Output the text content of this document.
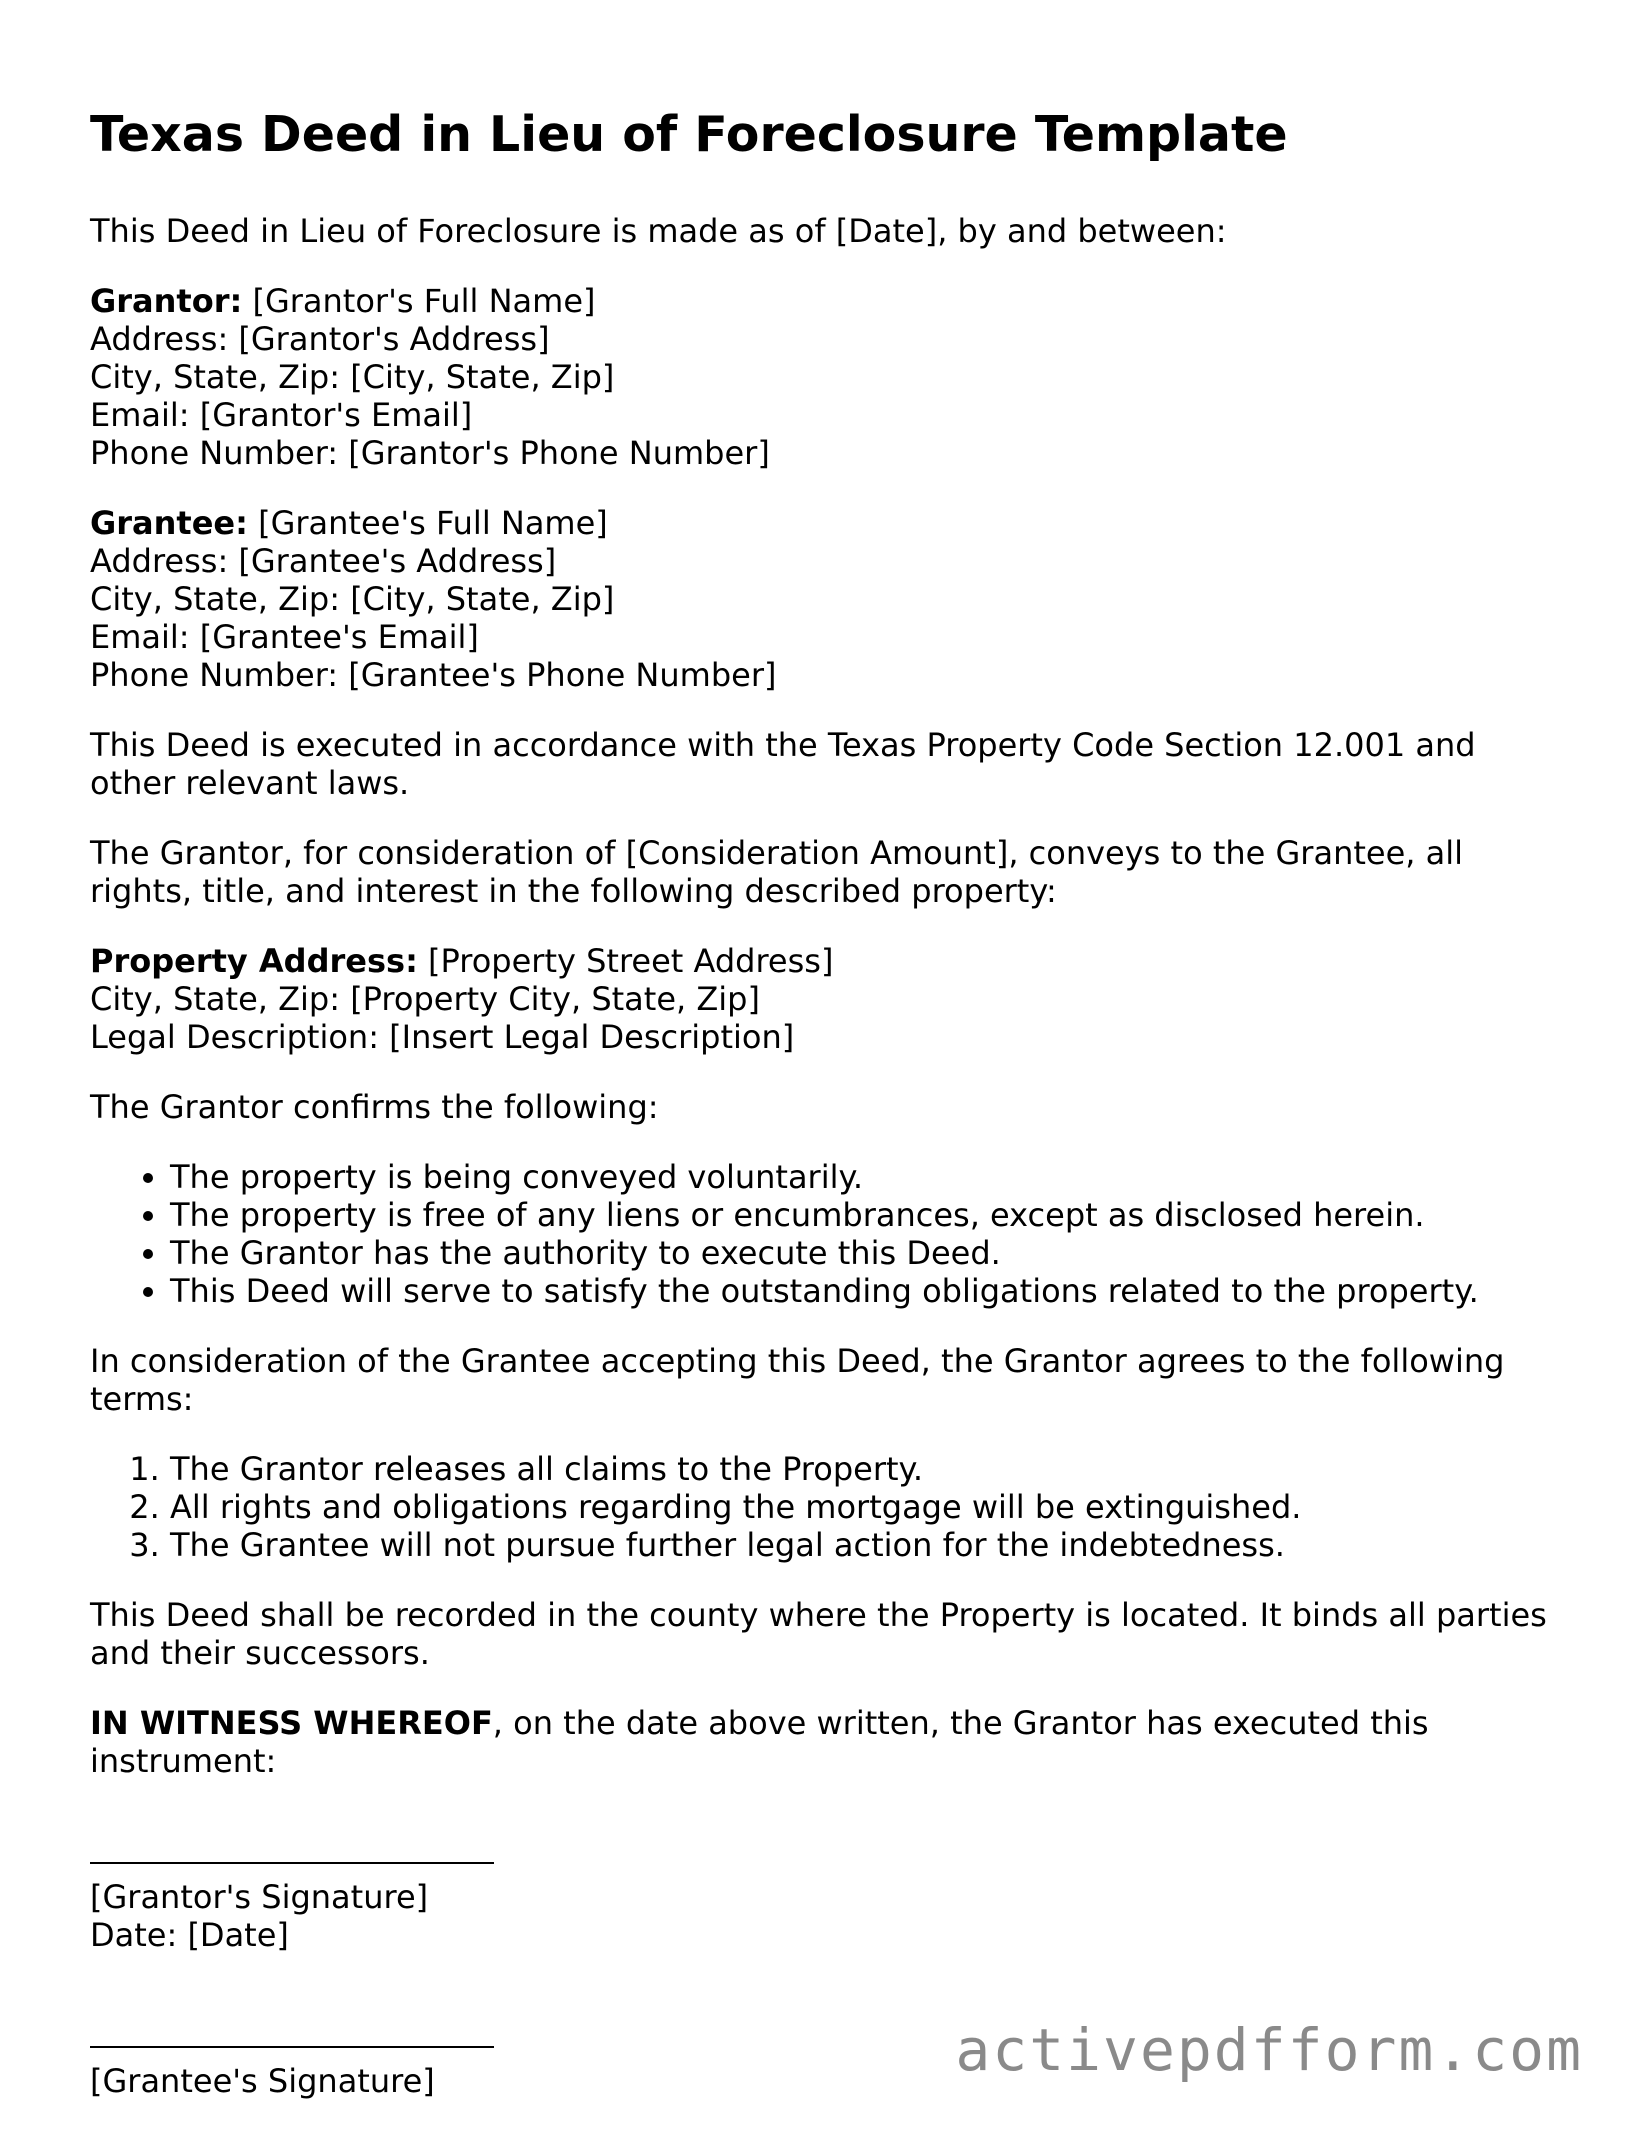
Texas Deed in Lieu of Foreclosure Template

This Deed in Lieu of Foreclosure is made as of [Date], by and between:

Grantor: [Grantor's Full Name]
Address: [Grantor's Address]
City, State, Zip: [City, State, Zip]
Email: [Grantor's Email]
Phone Number: [Grantor's Phone Number]
Grantee: [Grantee's Full Name]
Address: [Grantee's Address]
City, State, Zip: [City, State, Zip]
Email: [Grantee's Email]
Phone Number: [Grantee's Phone Number]

This Deed is executed in accordance with the Texas Property Code Section 12.001 and other relevant laws.

The Grantor, for consideration of [Consideration Amount], conveys to the Grantee, all rights, title, and interest in the following described property:

Property Address: [Property Street Address]
City, State, Zip: [Property City, State, Zip]
Legal Description: [Insert Legal Description]

The Grantor confirms the following:

• The property is being conveyed voluntarily.
• The property is free of any liens or encumbrances, except as disclosed herein.
• The Grantor has the authority to execute this Deed.
• This Deed will serve to satisfy the outstanding obligations related to the property.

In consideration of the Grantee accepting this Deed, the Grantor agrees to the following terms:

1. The Grantor releases all claims to the Property.
2. All rights and obligations regarding the mortgage will be extinguished.
3. The Grantee will not pursue further legal action for the indebtedness.

This Deed shall be recorded in the county where the Property is located. It binds all parties and their successors.

IN WITNESS WHEREOF, on the date above written, the Grantor has executed this instrument:

[Grantor's Signature]
Date: [Date]
[Grantee's Signature]	activepdfform.com
